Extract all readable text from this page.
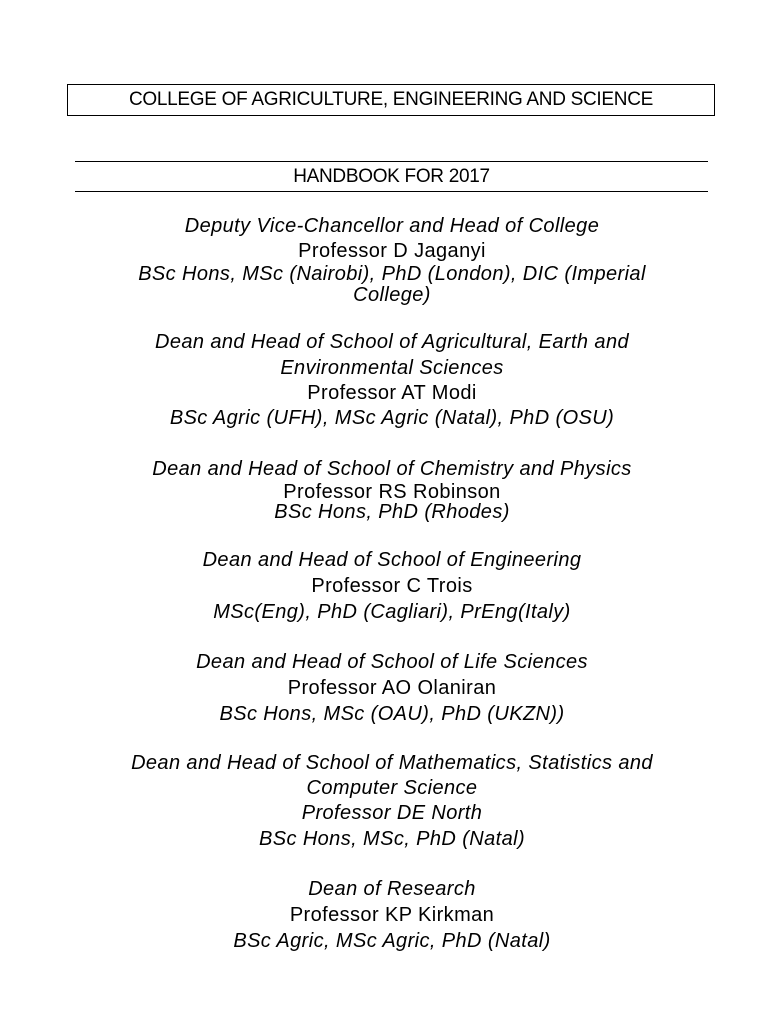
COLLEGE OF AGRICULTURE, ENGINEERING AND SCIENCE
HANDBOOK FOR 2017
Deputy Vice-Chancellor and Head of College
Professor D Jaganyi
BSc Hons, MSc (Nairobi), PhD (London), DIC (Imperial
College)
Dean and Head of School of Agricultural, Earth and
Environmental Sciences
Professor AT Modi
BSc Agric (UFH), MSc Agric (Natal), PhD (OSU)
Dean and Head of School of Chemistry and Physics
Professor RS Robinson
BSc Hons, PhD (Rhodes)
Dean and Head of School of Engineering
Professor C Trois
MSc(Eng), PhD (Cagliari), PrEng(Italy)
Dean and Head of School of Life Sciences
Professor AO Olaniran
BSc Hons, MSc (OAU), PhD (UKZN))
Dean and Head of School of Mathematics, Statistics and
Computer Science
Professor DE North
BSc Hons, MSc, PhD (Natal)
Dean of Research
Professor KP Kirkman
BSc Agric, MSc Agric, PhD (Natal)
